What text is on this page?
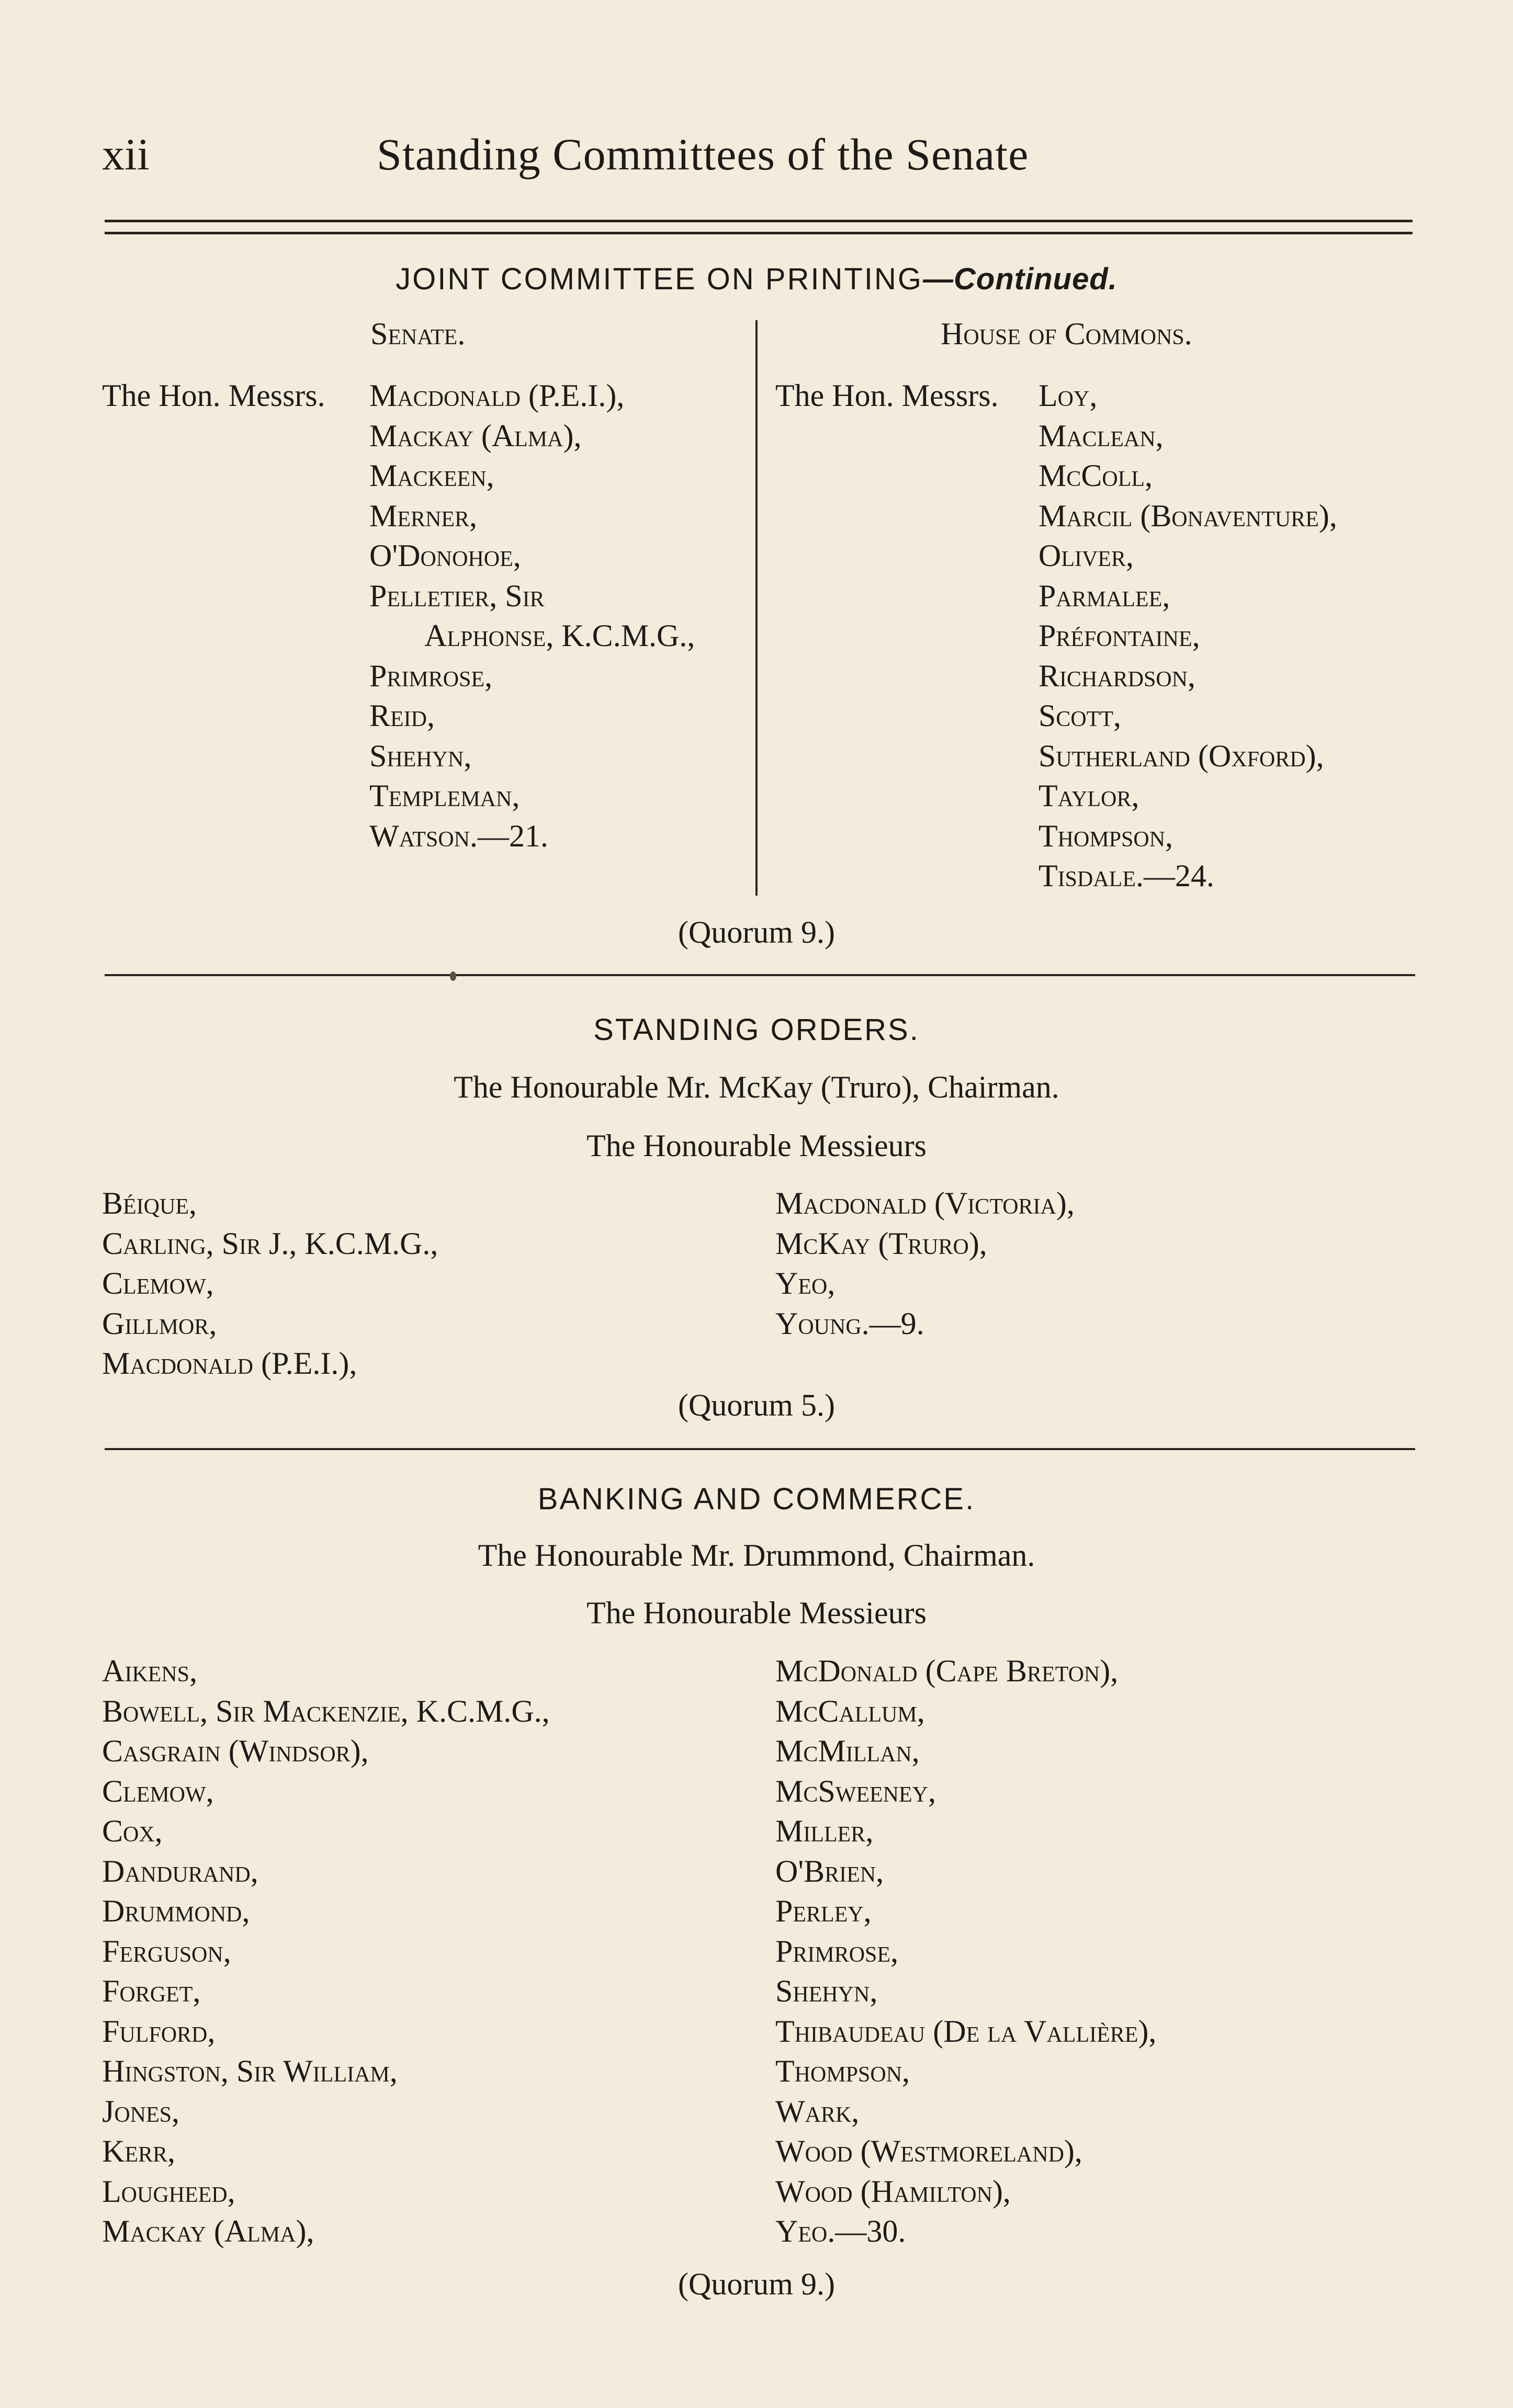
xii	Standing Committees of the Senate
JOINT COMMITTEE ON PRINTING—Continued.
Senate.	House of Commons.
The Hon. Messrs. Macdonald (P.E.I.),
Mackay (Alma),
Mackeen,
Merner,
O'Donohoe,
Pelletier, Sir
Alphonse, K.C.M.G.,
Primrose,
Reid,
Shehyn,
Templeman,
Watson.—21.
The Hon. Messrs. Loy,
Maclean,
McColl,
Marcil (Bonaventure),
Oliver,
Parmalee,
Préfontaine,
Richardson,
Scott,
Sutherland (Oxford),
Taylor,
Thompson,
Tisdale.—24.
(Quorum 9.)
STANDING ORDERS.
The Honourable Mr. McKay (Truro), Chairman.
The Honourable Messieurs
Béique,
Carling, Sir J., K.C.M.G.,
Clemow,
Gillmor,
Macdonald (P.E.I.),
Macdonald (Victoria),
McKay (Truro),
Yeo,
Young.—9.
(Quorum 5.)
BANKING AND COMMERCE.
The Honourable Mr. Drummond, Chairman.
The Honourable Messieurs
Aikens,
Bowell, Sir Mackenzie, K.C.M.G.,
Casgrain (Windsor),
Clemow,
Cox,
Dandurand,
Drummond,
Ferguson,
Forget,
Fulford,
Hingston, Sir William,
Jones,
Kerr,
Lougheed,
Mackay (Alma),
McDonald (Cape Breton),
McCallum,
McMillan,
McSweeney,
Miller,
O'Brien,
Perley,
Primrose,
Shehyn,
Thibaudeau (De la Vallière),
Thompson,
Wark,
Wood (Westmoreland),
Wood (Hamilton),
Yeo.—30.
(Quorum 9.)
